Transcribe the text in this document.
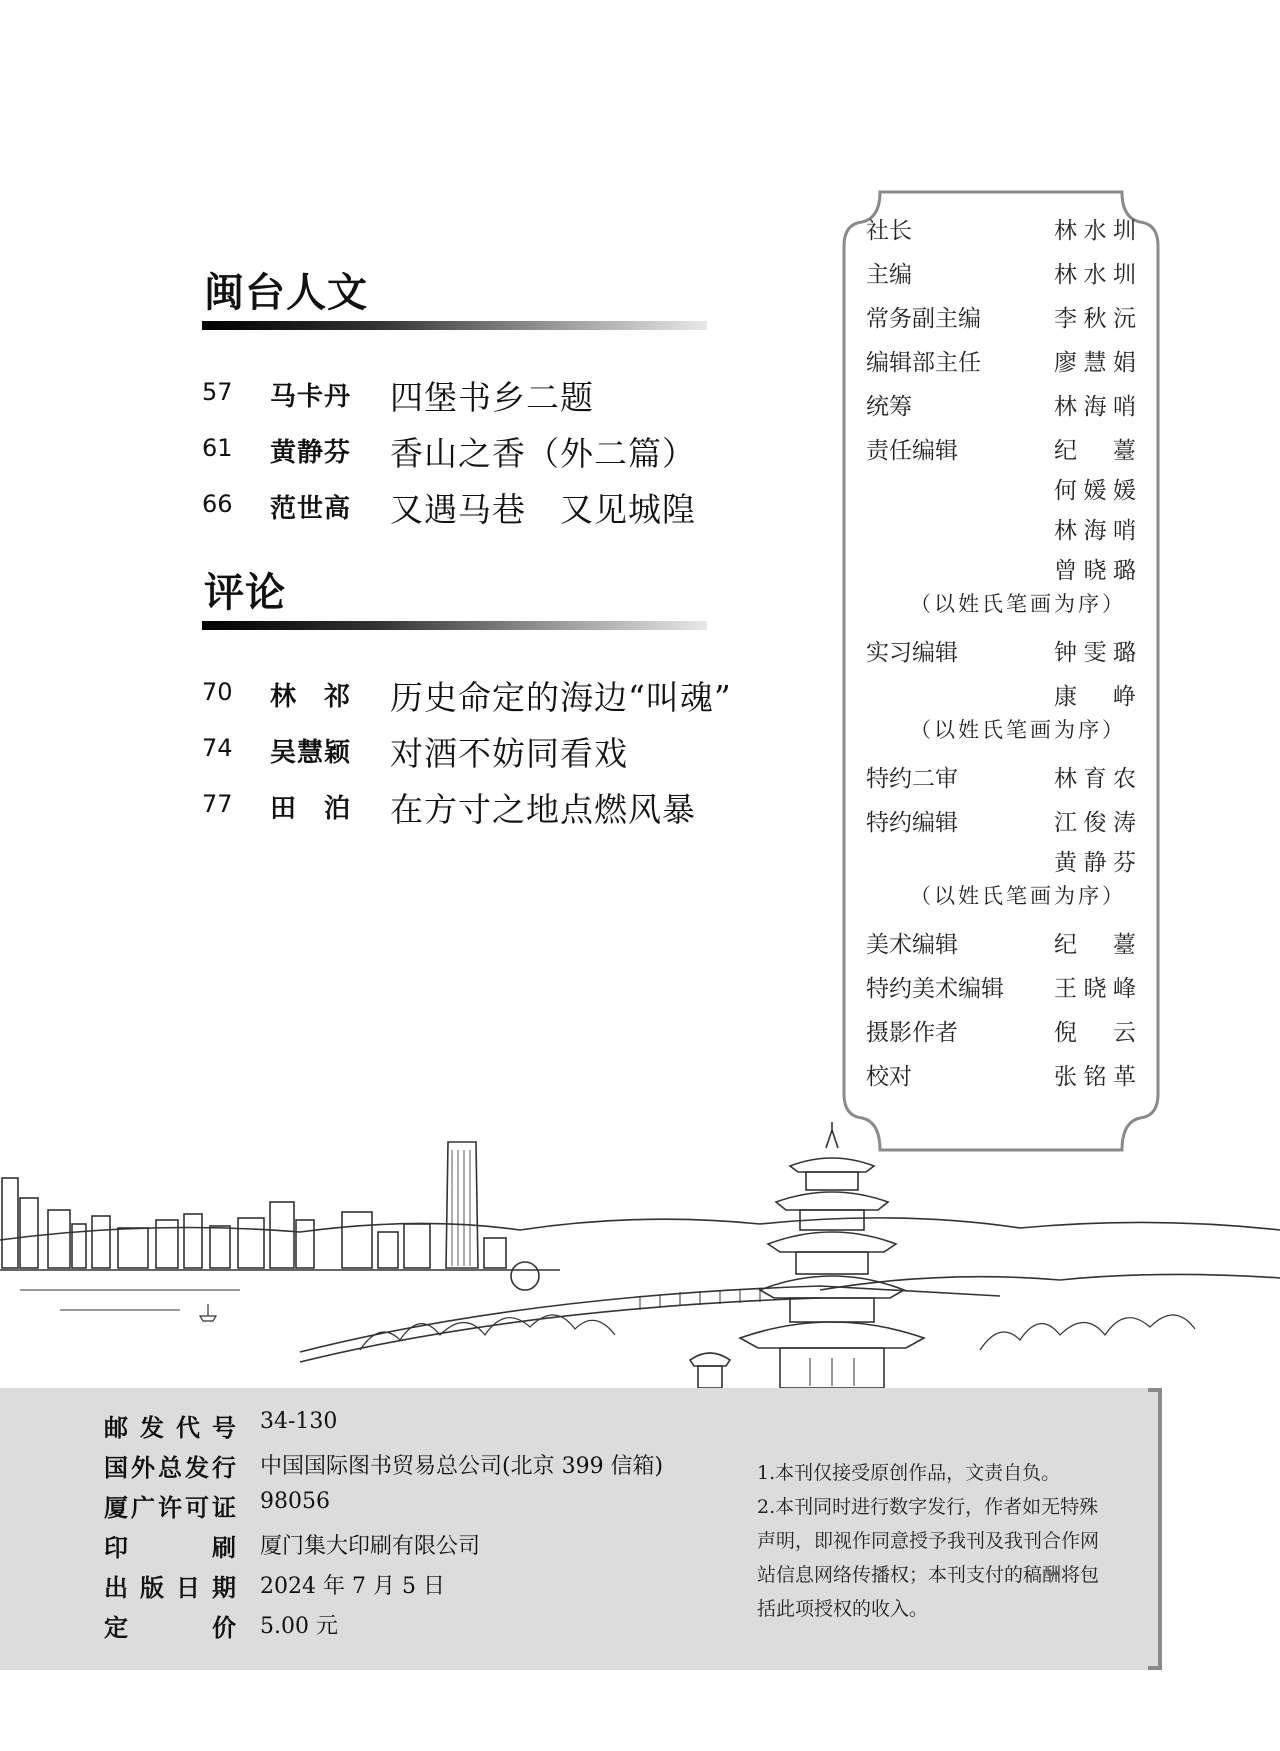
闽台人文
57	马卡丹	四堡书乡二题
61	黄静芬	香山之香（外二篇）
66	范世高	又遇马巷　又见城隍
评论
70	林　祁	历史命定的海边“叫魂”
74	吴慧颖	对酒不妨同看戏
77	田　泊	在方寸之地点燃风暴
社长	林水圳
主编	林水圳
常务副主编	李秋沅
编辑部主任	廖慧娟
统筹	林海哨
责任编辑	纪 薹
何媛媛
林海哨
曾晓璐
（以姓氏笔画为序）
实习编辑	钟雯璐
康 峥
（以姓氏笔画为序）
特约二审	林育农
特约编辑	江俊涛
黄静芬
（以姓氏笔画为序）
美术编辑	纪 薹
特约美术编辑 王晓峰
摄影作者	倪 云
校对	张铭革
邮发代号 34-130
国外总发行 中国国际图书贸易总公司(北京 399 信箱)
厦广许可证 98056
印刷 厦门集大印刷有限公司
出版日期 2024 年 7 月 5 日
定价 5.00 元

1.本刊仅接受原创作品，文责自负。

2.本刊同时进行数字发行，作者如无特殊声明，即视作同意授予我刊及我刊合作网站信息网络传播权；本刊支付的稿酬将包括此项授权的收入。
